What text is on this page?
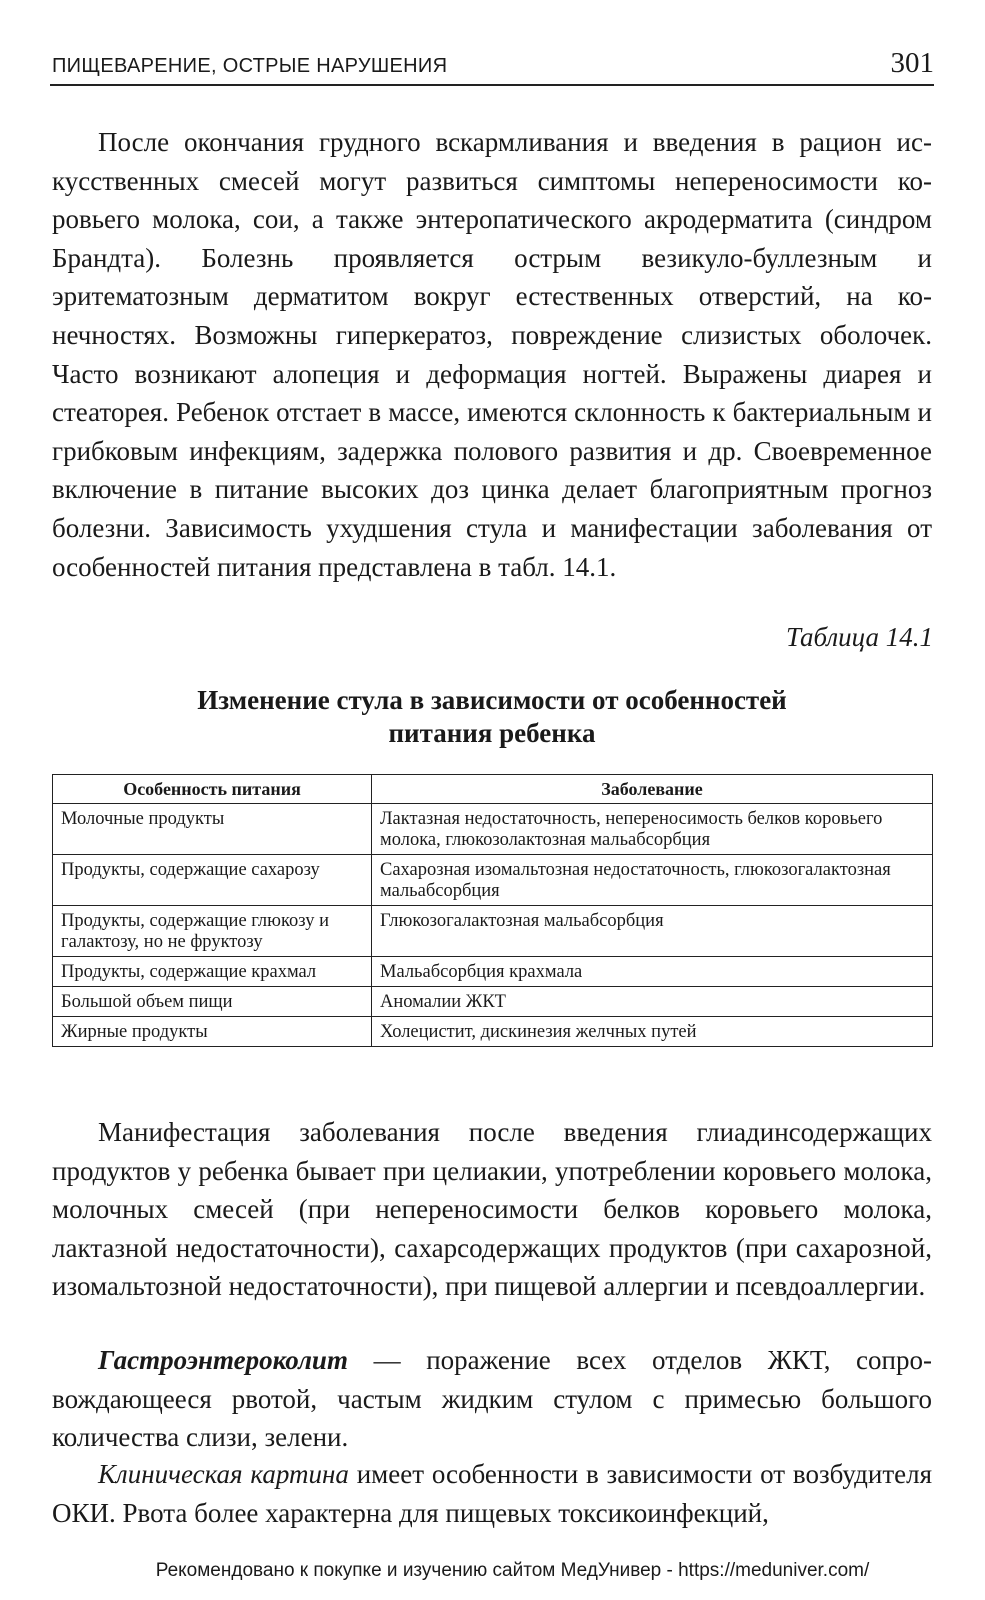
ПИЩЕВАРЕНИЕ, ОСТРЫЕ НАРУШЕНИЯ	301

После окончания грудного вскармливания и введения в рацион искусственных смесей могут развиться симптомы непереносимости коровьего молока, сои, а также энтеропатического акродерматита (синдром Брандта). Болезнь проявляется острым везикуло-буллезным и эритематозным дерматитом вокруг естественных отверстий, на конечностях. Возможны гиперкератоз, повреждение слизистых оболочек. Часто возникают алопеция и деформация ногтей. Выражены диарея и стеаторея. Ребенок отстает в массе, имеются склонность к бактериальным и грибковым инфекциям, задержка полового развития и др. Своевременное включение в питание высоких доз цинка делает благоприятным прогноз болезни. Зависимость ухудшения стула и манифестации заболевания от особенностей питания представлена в табл. 14.1.

Таблица 14.1
Изменение стула в зависимости от особенностей
питания ребенка
Особенность питания	Заболевание
Молочные продукты	Лактазная недостаточность, непереносимость белков коровьего молока, глюкозолактозная мальабсорбция
Продукты, содержащие сахарозу	Сахарозная изомальтозная недостаточность, глюкозогалактозная мальабсорбция
Продукты, содержащие глюкозу и галактозу, но не фруктозу	Глюкозогалактозная мальабсорбция
Продукты, содержащие крахмал	Мальабсорбция крахмала
Большой объем пищи	Аномалии ЖКТ
Жирные продукты	Холецистит, дискинезия желчных путей

Манифестация заболевания после введения глиадинсодержащих продуктов у ребенка бывает при целиакии, употреблении коровьего молока, молочных смесей (при непереносимости белков коровьего молока, лактазной недостаточности), сахарсодержащих продуктов (при сахарозной, изомальтозной недостаточности), при пищевой аллергии и псевдоаллергии.

Гастроэнтероколит — поражение всех отделов ЖКТ, сопровождающееся рвотой, частым жидким стулом с примесью большого количества слизи, зелени.

Клиническая картина имеет особенности в зависимости от возбудителя ОКИ. Рвота более характерна для пищевых токсикоинфекций,

Рекомендовано к покупке и изучению сайтом МедУнивер - https://meduniver.com/
